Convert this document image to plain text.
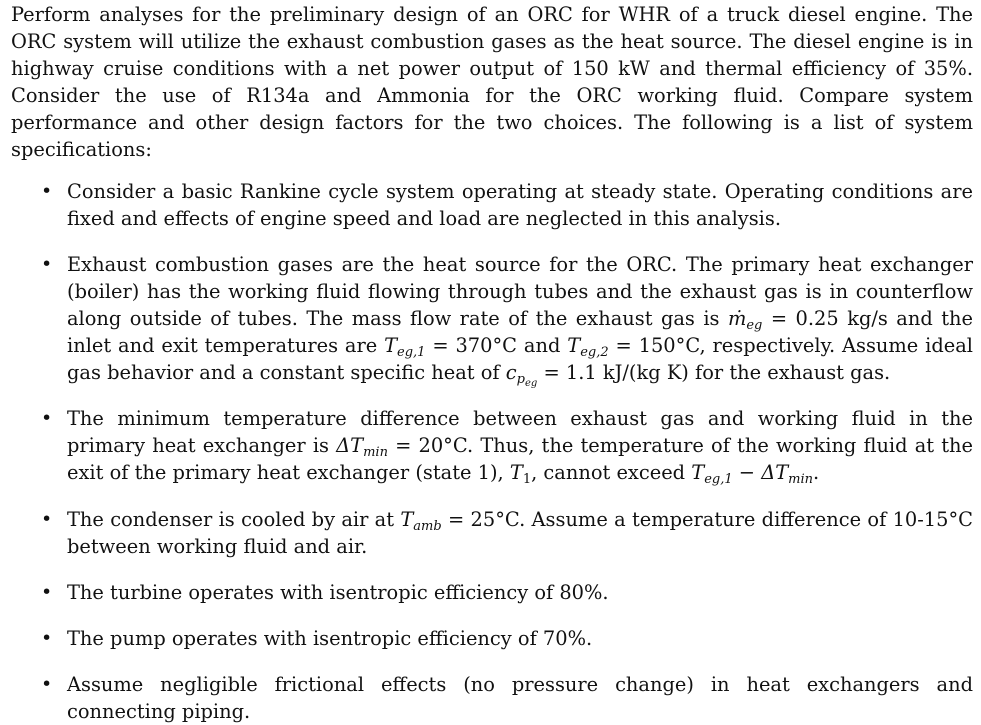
Perform analyses for the preliminary design of an ORC for WHR of a truck diesel engine. The ORC system will utilize the exhaust combustion gases as the heat source. The diesel engine is in highway cruise conditions with a net power output of 150 kW and thermal efficiency of 35%. Consider the use of R134a and Ammonia for the ORC working fluid. Compare system performance and other design factors for the two choices. The following is a list of system specifications:

• Consider a basic Rankine cycle system operating at steady state. Operating conditions are fixed and effects of engine speed and load are neglected in this analysis.
• Exhaust combustion gases are the heat source for the ORC. The primary heat exchanger (boiler) has the working fluid flowing through tubes and the exhaust gas is in counterflow along outside of tubes. The mass flow rate of the exhaust gas is ṁ$_{eg}$ = 0.25 kg/s and the inlet and exit temperatures are $T_{eg,1} = 370^\circ C$ and $T_{eg,2} = 150^\circ C$, respectively. Assume ideal gas behavior and a constant specific heat of $c_{p_{eg}} = 1.1$ kJ/(kg K) for the exhaust gas.
• The minimum temperature difference between exhaust gas and working fluid in the primary heat exchanger is $\Delta T_{min} = 20^\circ C$. Thus, the temperature of the working fluid at the exit of the primary heat exchanger (state 1), $T_1$, cannot exceed $T_{eg,1} - \Delta T_{min}$.
• The condenser is cooled by air at $T_{amb} = 25^\circ C$. Assume a temperature difference of 10-15°C between working fluid and air.
• The turbine operates with isentropic efficiency of 80%.
• The pump operates with isentropic efficiency of 70%.
• Assume negligible frictional effects (no pressure change) in heat exchangers and connecting piping.
